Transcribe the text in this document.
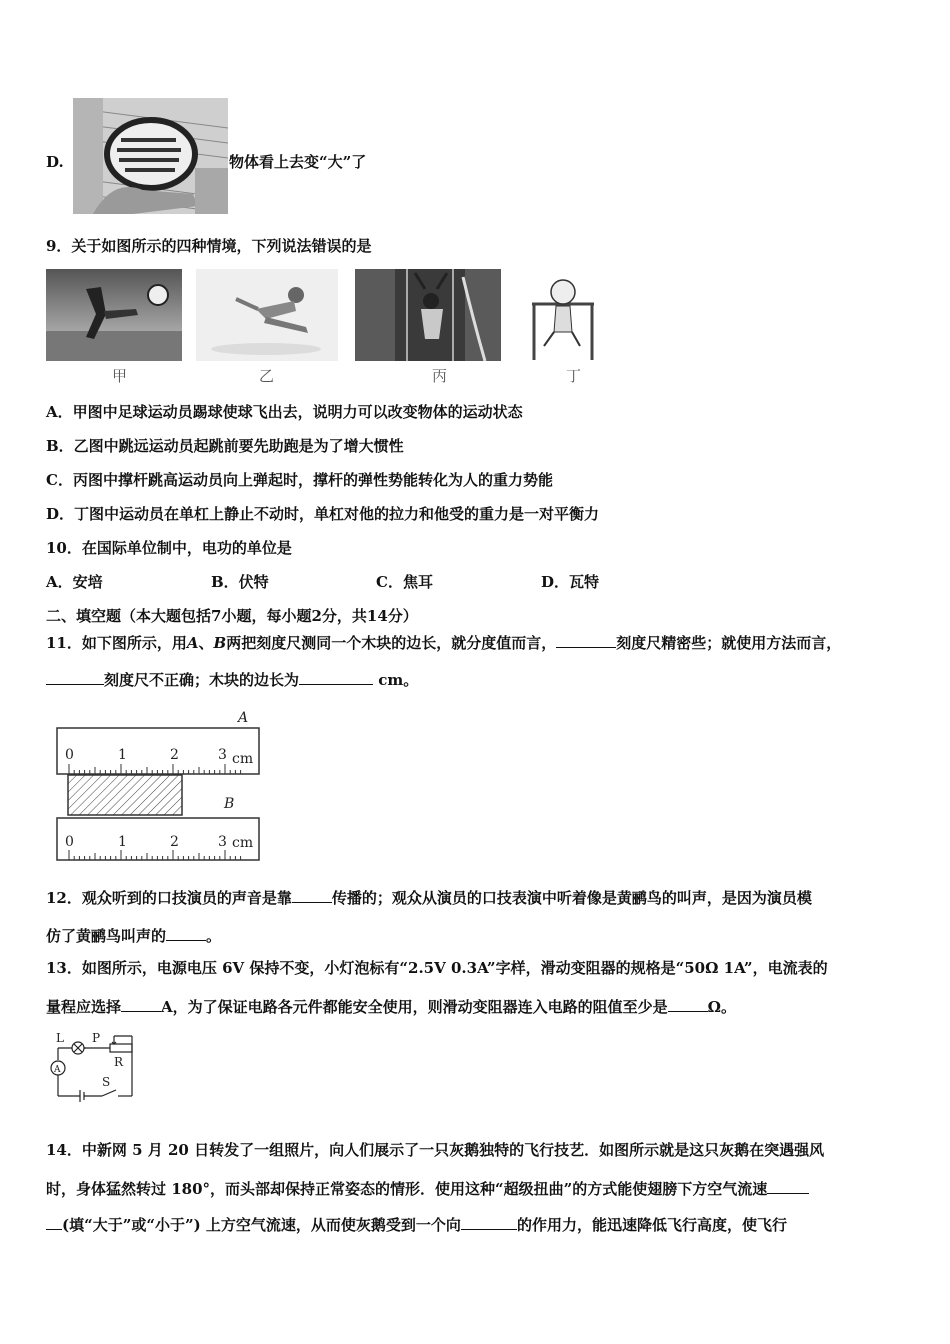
D.	物体看上去变“大”了
9．关于如图所示的四种情境，下列说法错误的是
甲	乙	丙	丁
A．甲图中足球运动员踢球使球飞出去，说明力可以改变物体的运动状态
B．乙图中跳远运动员起跳前要先助跑是为了增大惯性
C．丙图中撑杆跳高运动员向上弹起时，撑杆的弹性势能转化为人的重力势能
D．丁图中运动员在单杠上静止不动时，单杠对他的拉力和他受的重力是一对平衡力
10．在国际单位制中，电功的单位是
A．安培	B．伏特	C．焦耳	D．瓦特
二、填空题（本大题包括7小题，每小题2分，共14分）
11．如下图所示，用A、B两把刻度尺测同一个木块的边长，就分度值而言，	刻度尺精密些；就使用方法而言，
刻度尺不正确；木块的边长为	cm。
A
0	1	2	3 cm
B
0	1	2	3 cm
12．观众听到的口技演员的声音是靠	传播的；观众从演员的口技表演中听着像是黄鹂鸟的叫声，是因为演员模
仿了黄鹂鸟叫声的	。
13．如图所示，电源电压 6V 保持不变，小灯泡标有“2.5V 0.3A”字样，滑动变阻器的规格是“50Ω 1A”，电流表的
量程应选择	A，为了保证电路各元件都能安全使用，则滑动变阻器连入电路的阻值至少是	Ω。
L P
R
A
S
14．中新网 5 月 20 日转发了一组照片，向人们展示了一只灰鹅独特的飞行技艺．如图所示就是这只灰鹅在突遇强风
时，身体猛然转过 180°，而头部却保持正常姿态的情形．使用这种“超级扭曲”的方式能使翅膀下方空气流速
(填“大于”或“小于”) 上方空气流速，从而使灰鹅受到一个向	的作用力，能迅速降低飞行高度，使飞行
